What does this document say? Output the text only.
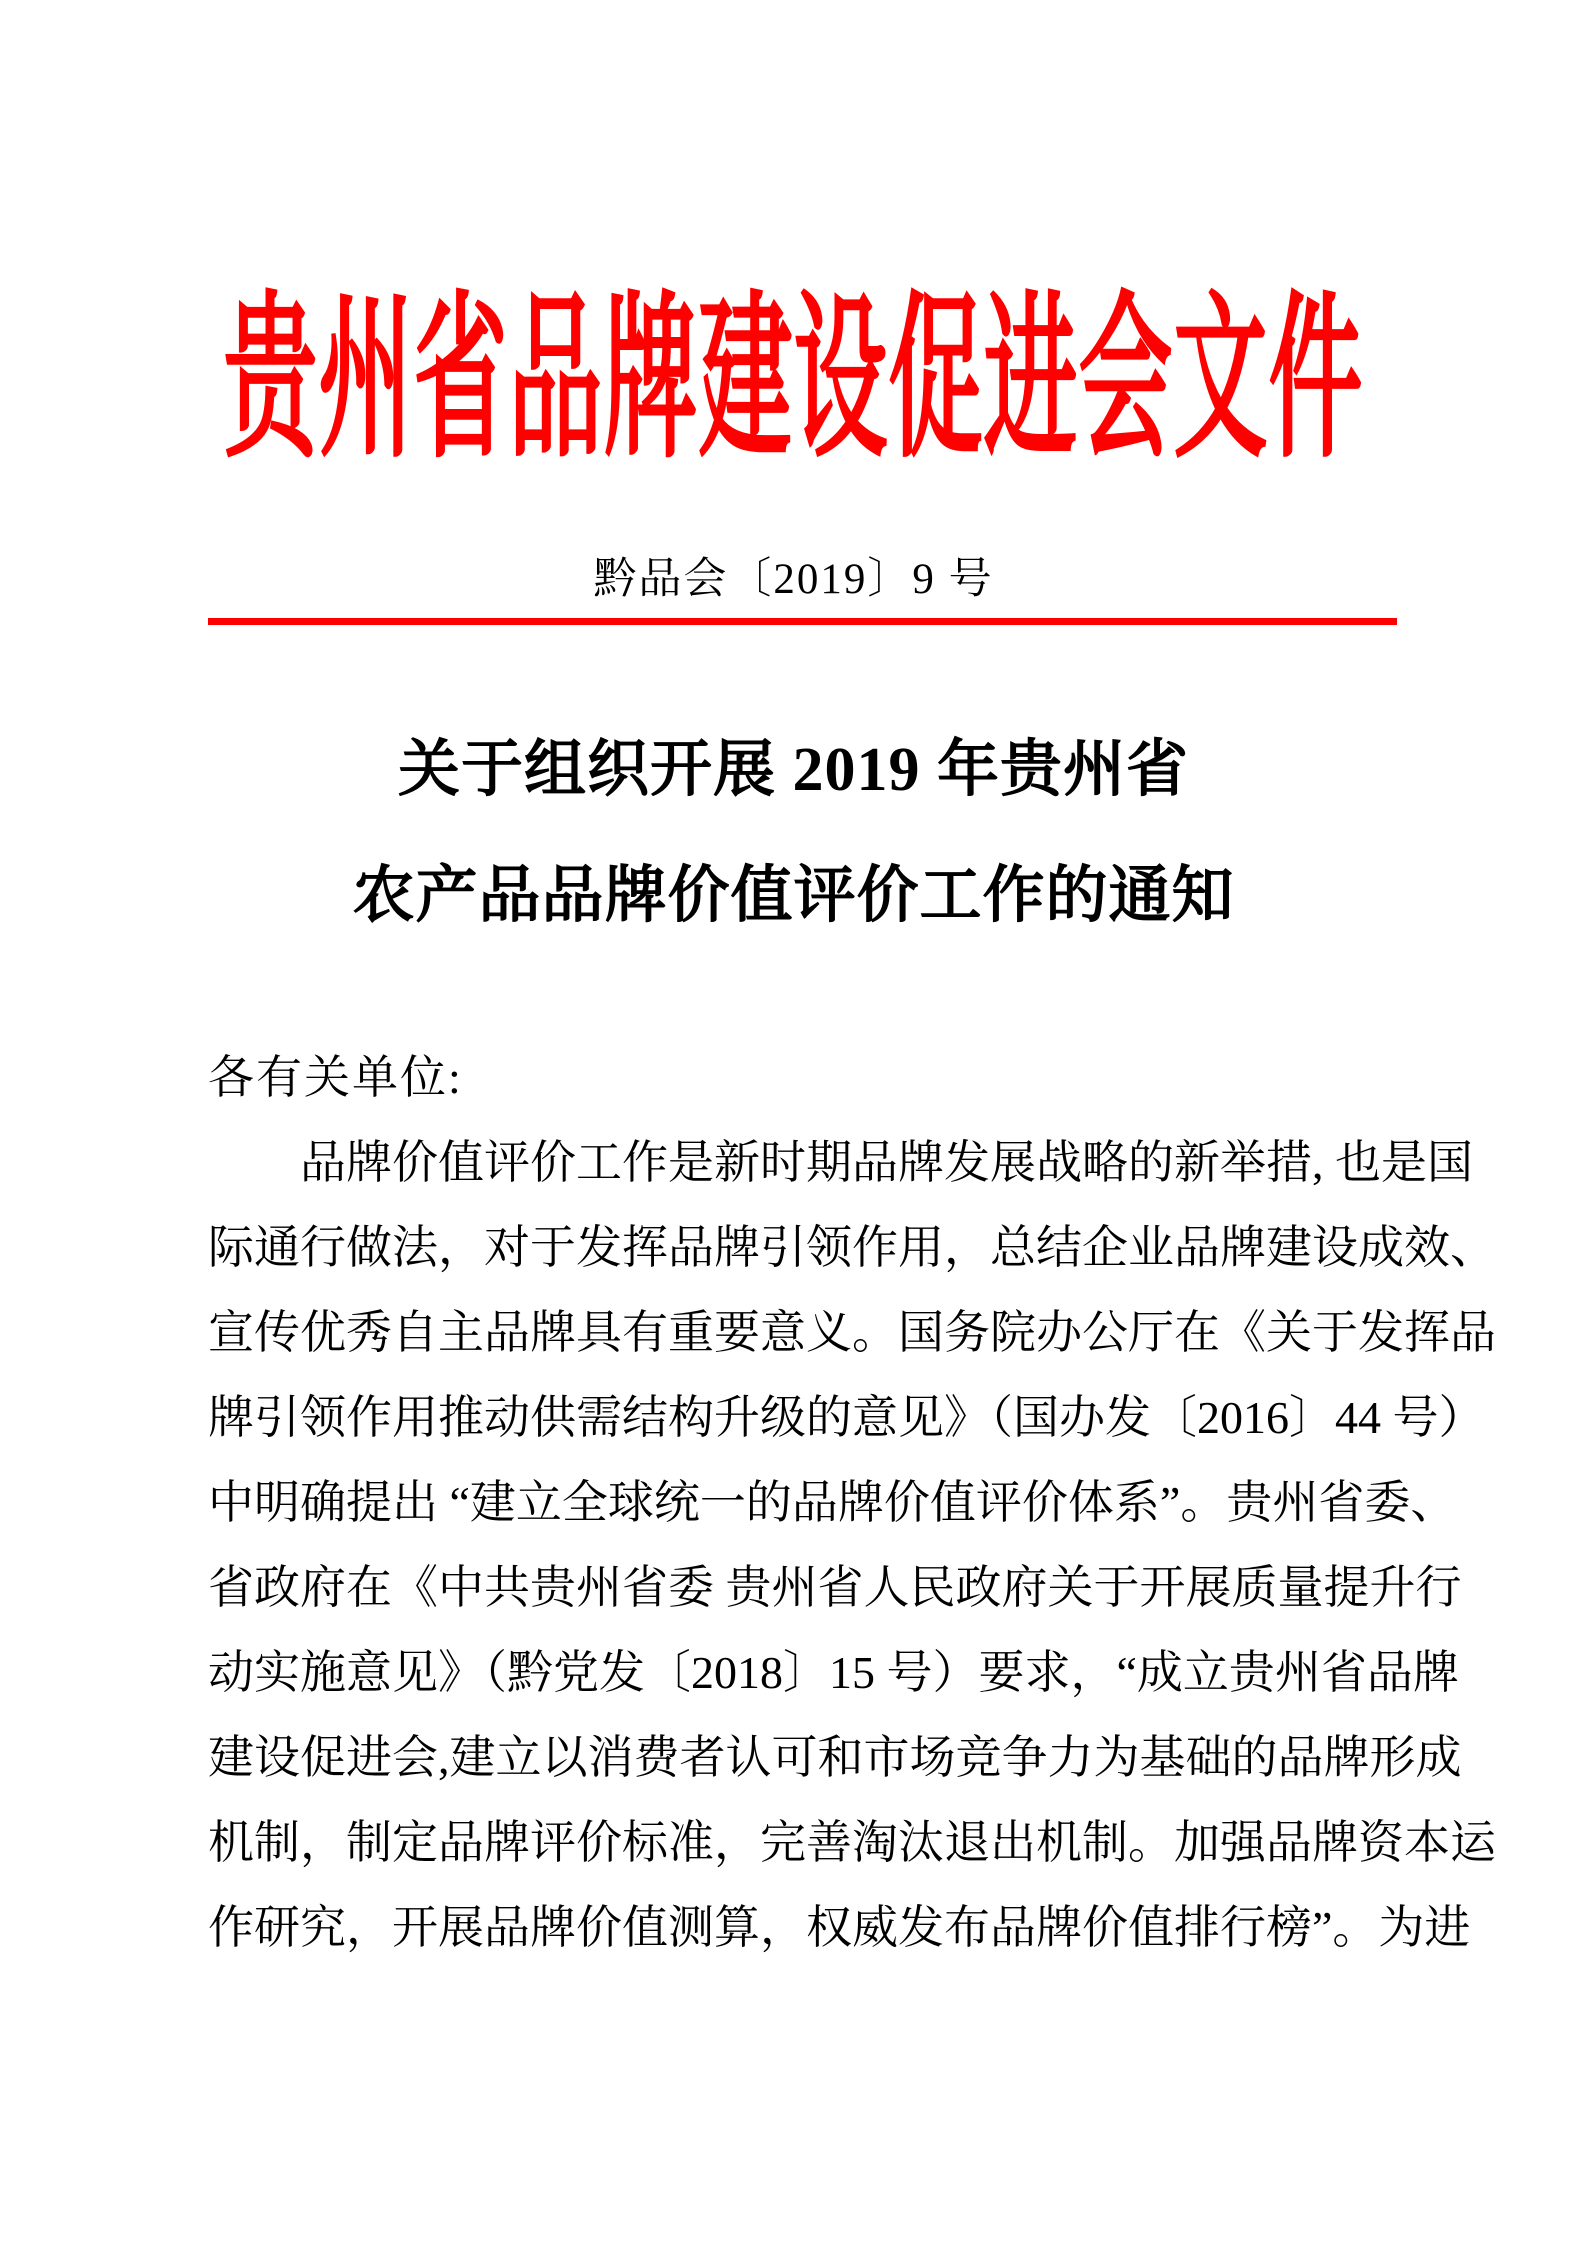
贵州省品牌建设促进会文件
黔品会〔2019〕9 号
关于组织开展 2019 年贵州省
农产品品牌价值评价工作的通知
各有关单位:
品牌价值评价工作是新时期品牌发展战略的新举措, 也是国
际通行做法，对于发挥品牌引领作用，总结企业品牌建设成效、
宣传优秀自主品牌具有重要意义。国务院办公厅在《关于发挥品
牌引领作用推动供需结构升级的意见》（国办发〔2016〕44 号）
中明确提出 “建立全球统一的品牌价值评价体系”。贵州省委、
省政府在《中共贵州省委 贵州省人民政府关于开展质量提升行
动实施意见》（黔党发〔2018〕15 号）要求，“成立贵州省品牌
建设促进会,建立以消费者认可和市场竞争力为基础的品牌形成
机制，制定品牌评价标准，完善淘汰退出机制。加强品牌资本运
作研究，开展品牌价值测算，权威发布品牌价值排行榜”。为进
